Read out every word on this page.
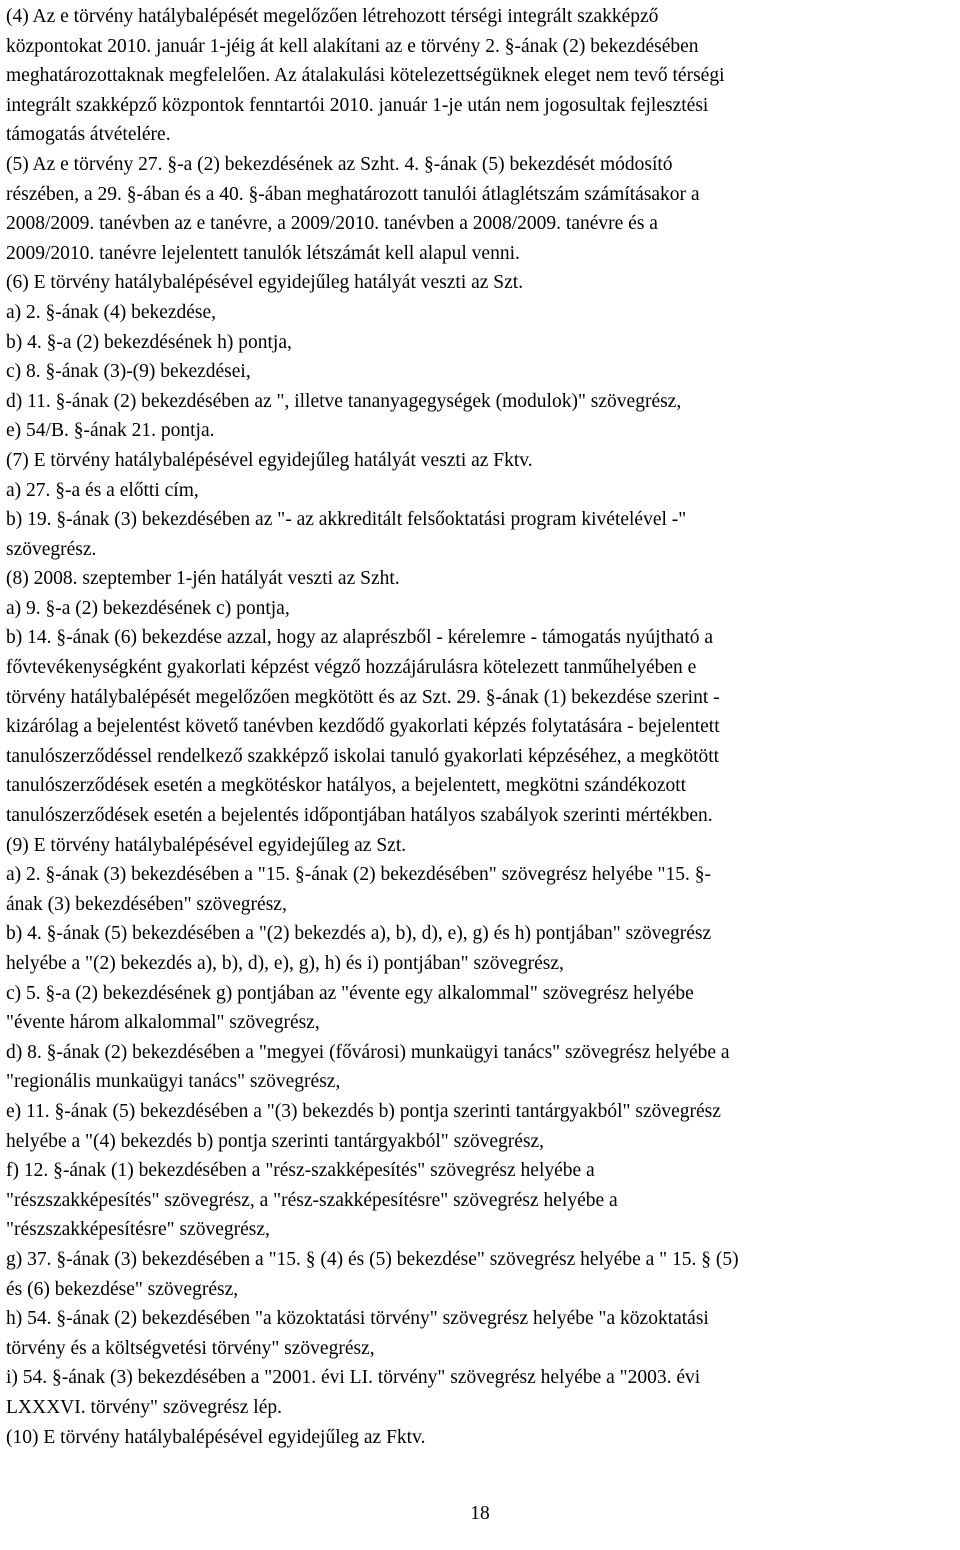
(4) Az e törvény hatálybalépését megelőzően létrehozott térségi integrált szakképző
központokat 2010. január 1-jéig át kell alakítani az e törvény 2. §-ának (2) bekezdésében
meghatározottaknak megfelelően. Az átalakulási kötelezettségüknek eleget nem tevő térségi
integrált szakképző központok fenntartói 2010. január 1-je után nem jogosultak fejlesztési
támogatás átvételére.
(5) Az e törvény 27. §-a (2) bekezdésének az Szht. 4. §-ának (5) bekezdését módosító
részében, a 29. §-ában és a 40. §-ában meghatározott tanulói átlaglétszám számításakor a
2008/2009. tanévben az e tanévre, a 2009/2010. tanévben a 2008/2009. tanévre és a
2009/2010. tanévre lejelentett tanulók létszámát kell alapul venni.
(6) E törvény hatálybalépésével egyidejűleg hatályát veszti az Szt.
a) 2. §-ának (4) bekezdése,
b) 4. §-a (2) bekezdésének h) pontja,
c) 8. §-ának (3)-(9) bekezdései,
d) 11. §-ának (2) bekezdésében az ", illetve tananyagegységek (modulok)" szövegrész,
e) 54/B. §-ának 21. pontja.
(7) E törvény hatálybalépésével egyidejűleg hatályát veszti az Fktv.
a) 27. §-a és a előtti cím,
b) 19. §-ának (3) bekezdésében az "- az akkreditált felsőoktatási program kivételével -"
szövegrész.
(8) 2008. szeptember 1-jén hatályát veszti az Szht.
a) 9. §-a (2) bekezdésének c) pontja,
b) 14. §-ának (6) bekezdése azzal, hogy az alaprészből - kérelemre - támogatás nyújtható a
fővtevékenységként gyakorlati képzést végző hozzájárulásra kötelezett tanműhelyében e
törvény hatálybalépését megelőzően megkötött és az Szt. 29. §-ának (1) bekezdése szerint -
kizárólag a bejelentést követő tanévben kezdődő gyakorlati képzés folytatására - bejelentett
tanulószerződéssel rendelkező szakképző iskolai tanuló gyakorlati képzéséhez, a megkötött
tanulószerződések esetén a megkötéskor hatályos, a bejelentett, megkötni szándékozott
tanulószerződések esetén a bejelentés időpontjában hatályos szabályok szerinti mértékben.
(9) E törvény hatálybalépésével egyidejűleg az Szt.
a) 2. §-ának (3) bekezdésében a "15. §-ának (2) bekezdésében" szövegrész helyébe "15. §-
ának (3) bekezdésében" szövegrész,
b) 4. §-ának (5) bekezdésében a "(2) bekezdés a), b), d), e), g) és h) pontjában" szövegrész
helyébe a "(2) bekezdés a), b), d), e), g), h) és i) pontjában" szövegrész,
c) 5. §-a (2) bekezdésének g) pontjában az "évente egy alkalommal" szövegrész helyébe
"évente három alkalommal" szövegrész,
d) 8. §-ának (2) bekezdésében a "megyei (fővárosi) munkaügyi tanács" szövegrész helyébe a
"regionális munkaügyi tanács" szövegrész,
e) 11. §-ának (5) bekezdésében a "(3) bekezdés b) pontja szerinti tantárgyakból" szövegrész
helyébe a "(4) bekezdés b) pontja szerinti tantárgyakból" szövegrész,
f) 12. §-ának (1) bekezdésében a "rész-szakképesítés" szövegrész helyébe a
"részszakképesítés" szövegrész, a "rész-szakképesítésre" szövegrész helyébe a
"részszakképesítésre" szövegrész,
g) 37. §-ának (3) bekezdésében a "15. § (4) és (5) bekezdése" szövegrész helyébe a " 15. § (5)
és (6) bekezdése" szövegrész,
h) 54. §-ának (2) bekezdésében "a közoktatási törvény" szövegrész helyébe "a közoktatási
törvény és a költségvetési törvény" szövegrész,
i) 54. §-ának (3) bekezdésében a "2001. évi LI. törvény" szövegrész helyébe a "2003. évi
LXXXVI. törvény" szövegrész lép.
(10) E törvény hatálybalépésével egyidejűleg az Fktv.
18
